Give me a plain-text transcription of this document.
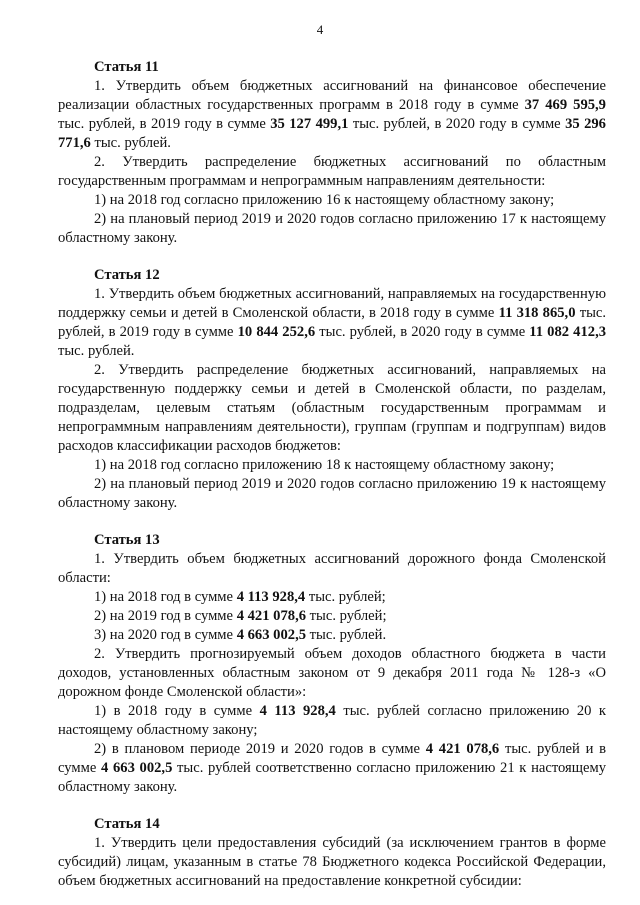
4
Статья 11

1. Утвердить объем бюджетных ассигнований на финансовое обеспечение реализации областных государственных программ в 2018 году в сумме 37 469 595,9 тыс. рублей, в 2019 году в сумме 35 127 499,1 тыс. рублей, в 2020 году в сумме 35 296 771,6 тыс. рублей.

2. Утвердить распределение бюджетных ассигнований по областным государственным программам и непрограммным направлениям деятельности:

1) на 2018 год согласно приложению 16 к настоящему областному закону;

2) на плановый период 2019 и 2020 годов согласно приложению 17 к настоящему областному закону.

Статья 12

1. Утвердить объем бюджетных ассигнований, направляемых на государственную поддержку семьи и детей в Смоленской области, в 2018 году в сумме 11 318 865,0 тыс. рублей, в 2019 году в сумме 10 844 252,6 тыс. рублей, в 2020 году в сумме 11 082 412,3 тыс. рублей.

2. Утвердить распределение бюджетных ассигнований, направляемых на государственную поддержку семьи и детей в Смоленской области, по разделам, подразделам, целевым статьям (областным государственным программам и непрограммным направлениям деятельности), группам (группам и подгруппам) видов расходов классификации расходов бюджетов:

1) на 2018 год согласно приложению 18 к настоящему областному закону;

2) на плановый период 2019 и 2020 годов согласно приложению 19 к настоящему областному закону.

Статья 13

1. Утвердить объем бюджетных ассигнований дорожного фонда Смоленской области:

1) на 2018 год в сумме 4 113 928,4 тыс. рублей;

2) на 2019 год в сумме 4 421 078,6 тыс. рублей;

3) на 2020 год в сумме 4 663 002,5 тыс. рублей.

2. Утвердить прогнозируемый объем доходов областного бюджета в части доходов, установленных областным законом от 9 декабря 2011 года № 128-з «О дорожном фонде Смоленской области»:

1) в 2018 году в сумме 4 113 928,4 тыс. рублей согласно приложению 20 к настоящему областному закону;

2) в плановом периоде 2019 и 2020 годов в сумме 4 421 078,6 тыс. рублей и в сумме 4 663 002,5 тыс. рублей соответственно согласно приложению 21 к настоящему областному закону.

Статья 14

1. Утвердить цели предоставления субсидий (за исключением грантов в форме субсидий) лицам, указанным в статье 78 Бюджетного кодекса Российской Федерации, объем бюджетных ассигнований на предоставление конкретной субсидии:
